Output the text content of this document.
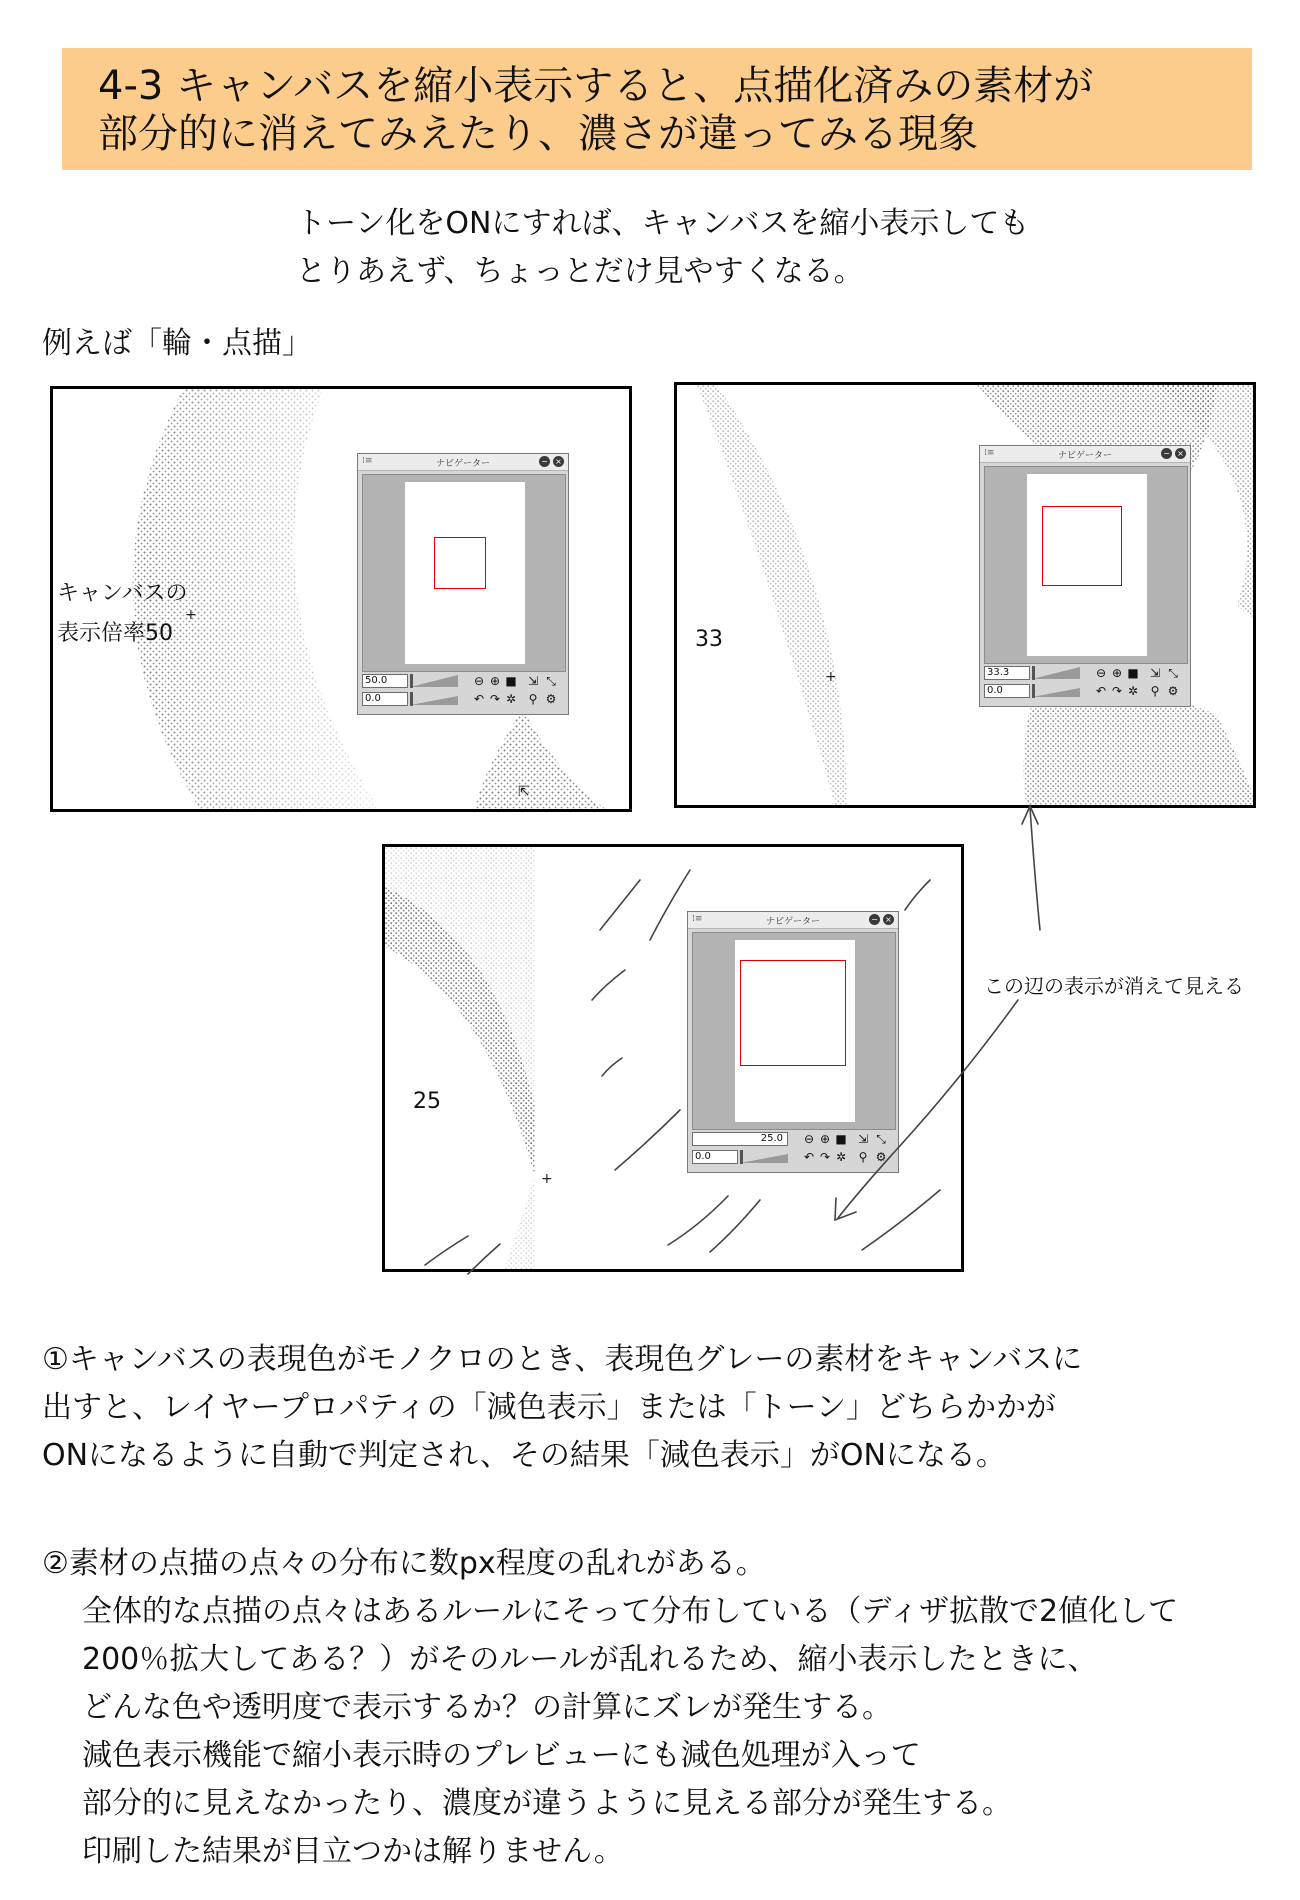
4-3 キャンバスを縮小表示すると、点描化済みの素材が
部分的に消えてみえたり、濃さが違ってみる現象
トーン化をONにすれば、キャンバスを縮小表示しても
とりあえず、ちょっとだけ見やすくなる。
例えば「輪・点描」
キャンバスの
表示倍率50
+
⇱
⁞≡	ナビゲーター	− ×
50.0
0.0
⊖ ⊕ ■ ⇲ ⤡
↶ ↷ ✲ ⚲ ⚙
33
+
⁞≡	ナビゲーター	− ×
33.3
0.0
⊖ ⊕ ■ ⇲ ⤡
↶ ↷ ✲ ⚲ ⚙
25
+
⁞≡	ナビゲーター	− ×
25.0
0.0
⊖ ⊕ ■ ⇲ ⤡
↶ ↷ ✲ ⚲ ⚙
この辺の表示が消えて見える
①キャンバスの表現色がモノクロのとき、表現色グレーの素材をキャンバスに
出すと、レイヤープロパティの「減色表示」または「トーン」どちらかかが
ONになるように自動で判定され、その結果「減色表示」がONになる。
②素材の点描の点々の分布に数px程度の乱れがある。
全体的な点描の点々はあるルールにそって分布している（ディザ拡散で2値化して
200％拡大してある？）がそのルールが乱れるため、縮小表示したときに、
どんな色や透明度で表示するか？の計算にズレが発生する。
減色表示機能で縮小表示時のプレビューにも減色処理が入って
部分的に見えなかったり、濃度が違うように見える部分が発生する。
印刷した結果が目立つかは解りません。
